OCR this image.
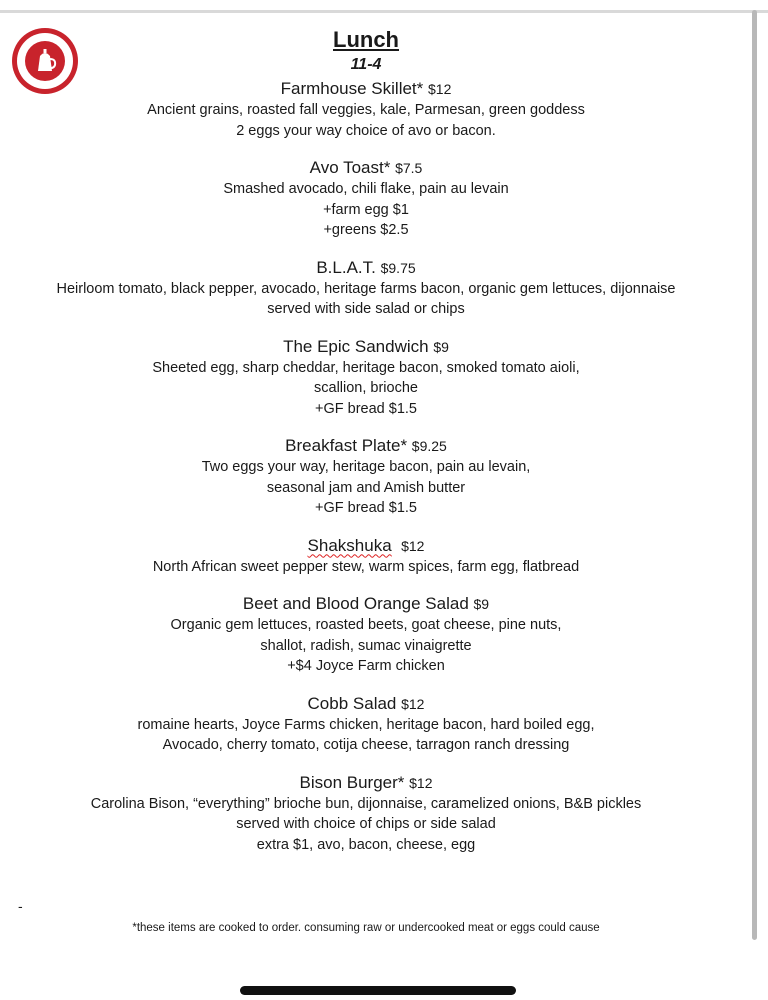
Lunch
11-4
Farmhouse Skillet* $12
Ancient grains, roasted fall veggies, kale, Parmesan, green goddess
2 eggs your way choice of avo or bacon.
Avo Toast* $7.5
Smashed avocado, chili flake, pain au levain
+farm egg $1
+greens $2.5
B.L.A.T. $9.75
Heirloom tomato, black pepper, avocado, heritage farms bacon, organic gem lettuces, dijonnaise
served with side salad or chips
The Epic Sandwich $9
Sheeted egg, sharp cheddar, heritage bacon, smoked tomato aioli,
scallion, brioche
+GF bread $1.5
Breakfast Plate* $9.25
Two eggs your way, heritage bacon, pain au levain,
seasonal jam and Amish butter
+GF bread $1.5
Shakshuka $12
North African sweet pepper stew, warm spices, farm egg, flatbread
Beet and Blood Orange Salad $9
Organic gem lettuces, roasted beets, goat cheese, pine nuts,
shallot, radish, sumac vinaigrette
+$4 Joyce Farm chicken
Cobb Salad $12
romaine hearts, Joyce Farms chicken, heritage bacon, hard boiled egg,
Avocado, cherry tomato, cotija cheese, tarragon ranch dressing
Bison Burger* $12
Carolina Bison, “everything” brioche bun, dijonnaise, caramelized onions, B&B pickles
served with choice of chips or side salad
extra $1, avo, bacon, cheese, egg
-
*these items are cooked to order. consuming raw or undercooked meat or eggs could cause
